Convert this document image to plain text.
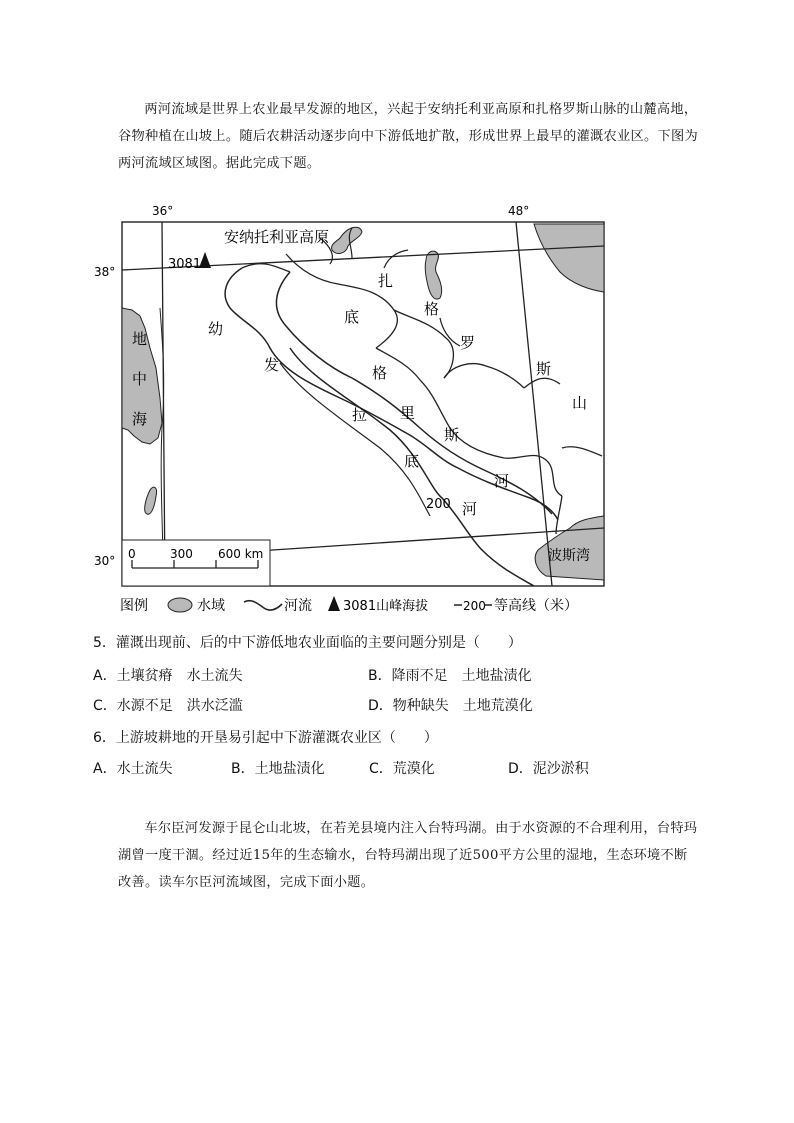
两河流域是世界上农业最早发源的地区，兴起于安纳托利亚高原和扎格罗斯山脉的山麓高地，谷物种植在山坡上。随后农耕活动逐步向中下游低地扩散，形成世界上最早的灌溉农业区。下图为两河流域区域图。据此完成下题。

36°	48°
38°
30°
安纳托利亚高原
3081
地
中
海
幼
发
拉
底
底
格
里
斯
河
扎
格
罗
斯
山
200 河
波斯湾
0	300 600 km
图例	水域	河流 3081山峰海拔	200 等高线（米）

5．灌溉出现前、后的中下游低地农业面临的主要问题分别是（　　）

A．土壤贫瘠　水土流失	B．降雨不足　土地盐渍化
C．水源不足　洪水泛滥	D．物种缺失　土地荒漠化

6．上游坡耕地的开垦易引起中下游灌溉农业区（　　）

A．水土流失	B．土地盐渍化	C．荒漠化	D．泥沙淤积

车尔臣河发源于昆仑山北坡，在若羌县境内注入台特玛湖。由于水资源的不合理利用，台特玛湖曾一度干涸。经过近15年的生态输水，台特玛湖出现了近500平方公里的湿地，生态环境不断改善。读车尔臣河流域图，完成下面小题。
